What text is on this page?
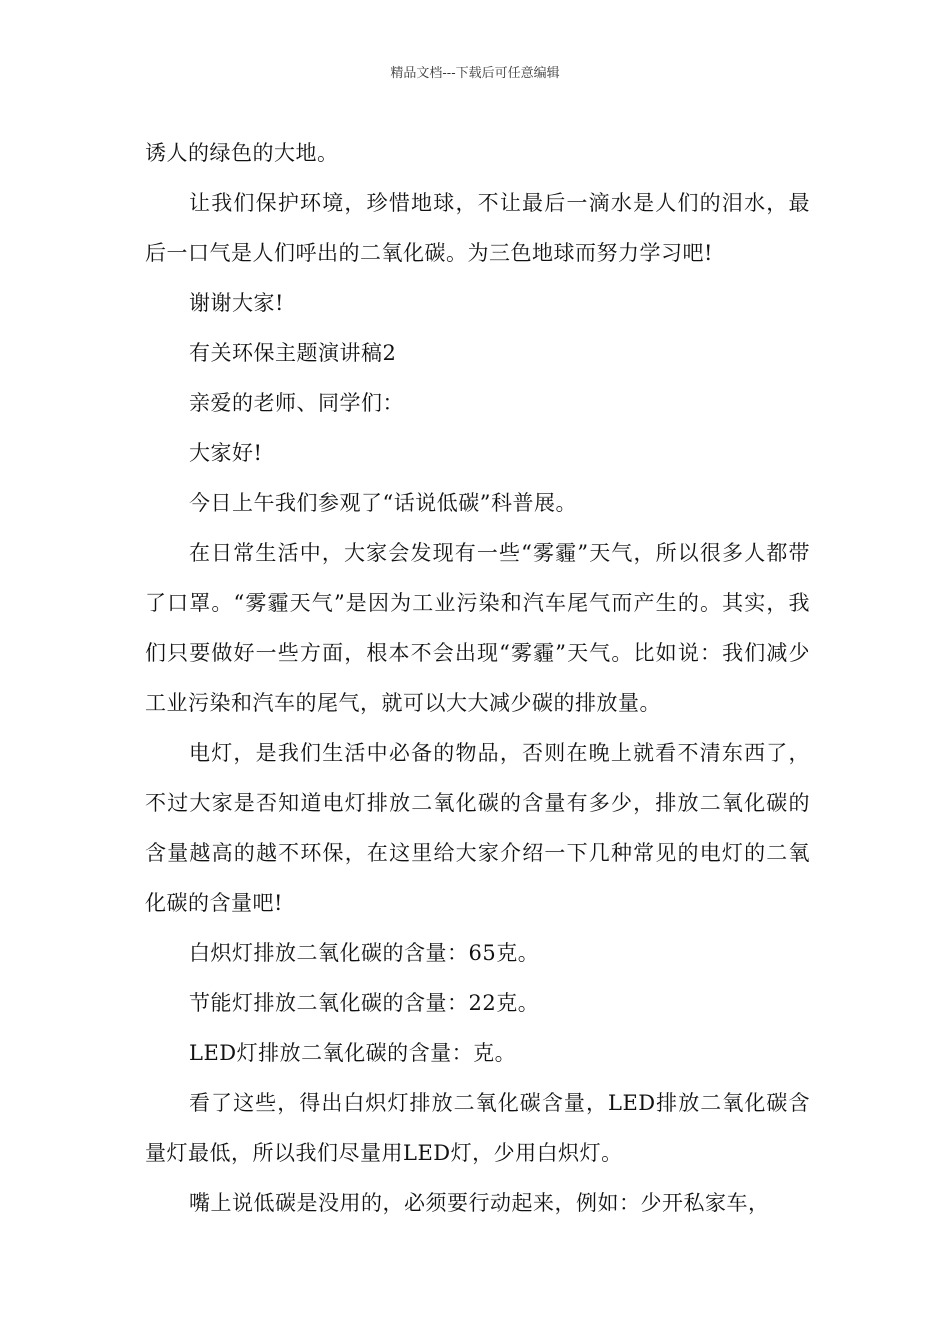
精品文档---下载后可任意编辑

诱人的绿色的大地。

让我们保护环境，珍惜地球，不让最后一滴水是人们的泪水，最后一口气是人们呼出的二氧化碳。为三色地球而努力学习吧!

谢谢大家!

有关环保主题演讲稿2

亲爱的老师、同学们：

大家好!

今日上午我们参观了“话说低碳”科普展。

在日常生活中，大家会发现有一些“雾霾”天气，所以很多人都带了口罩。“雾霾天气”是因为工业污染和汽车尾气而产生的。其实，我们只要做好一些方面，根本不会出现“雾霾”天气。比如说：我们减少工业污染和汽车的尾气，就可以大大减少碳的排放量。

电灯，是我们生活中必备的物品，否则在晚上就看不清东西了，不过大家是否知道电灯排放二氧化碳的含量有多少，排放二氧化碳的含量越高的越不环保，在这里给大家介绍一下几种常见的电灯的二氧化碳的含量吧!

白炽灯排放二氧化碳的含量：65克。

节能灯排放二氧化碳的含量：22克。

LED灯排放二氧化碳的含量：克。

看了这些，得出白炽灯排放二氧化碳含量，LED排放二氧化碳含量灯最低，所以我们尽量用LED灯，少用白炽灯。

嘴上说低碳是没用的，必须要行动起来，例如：少开私家车，
